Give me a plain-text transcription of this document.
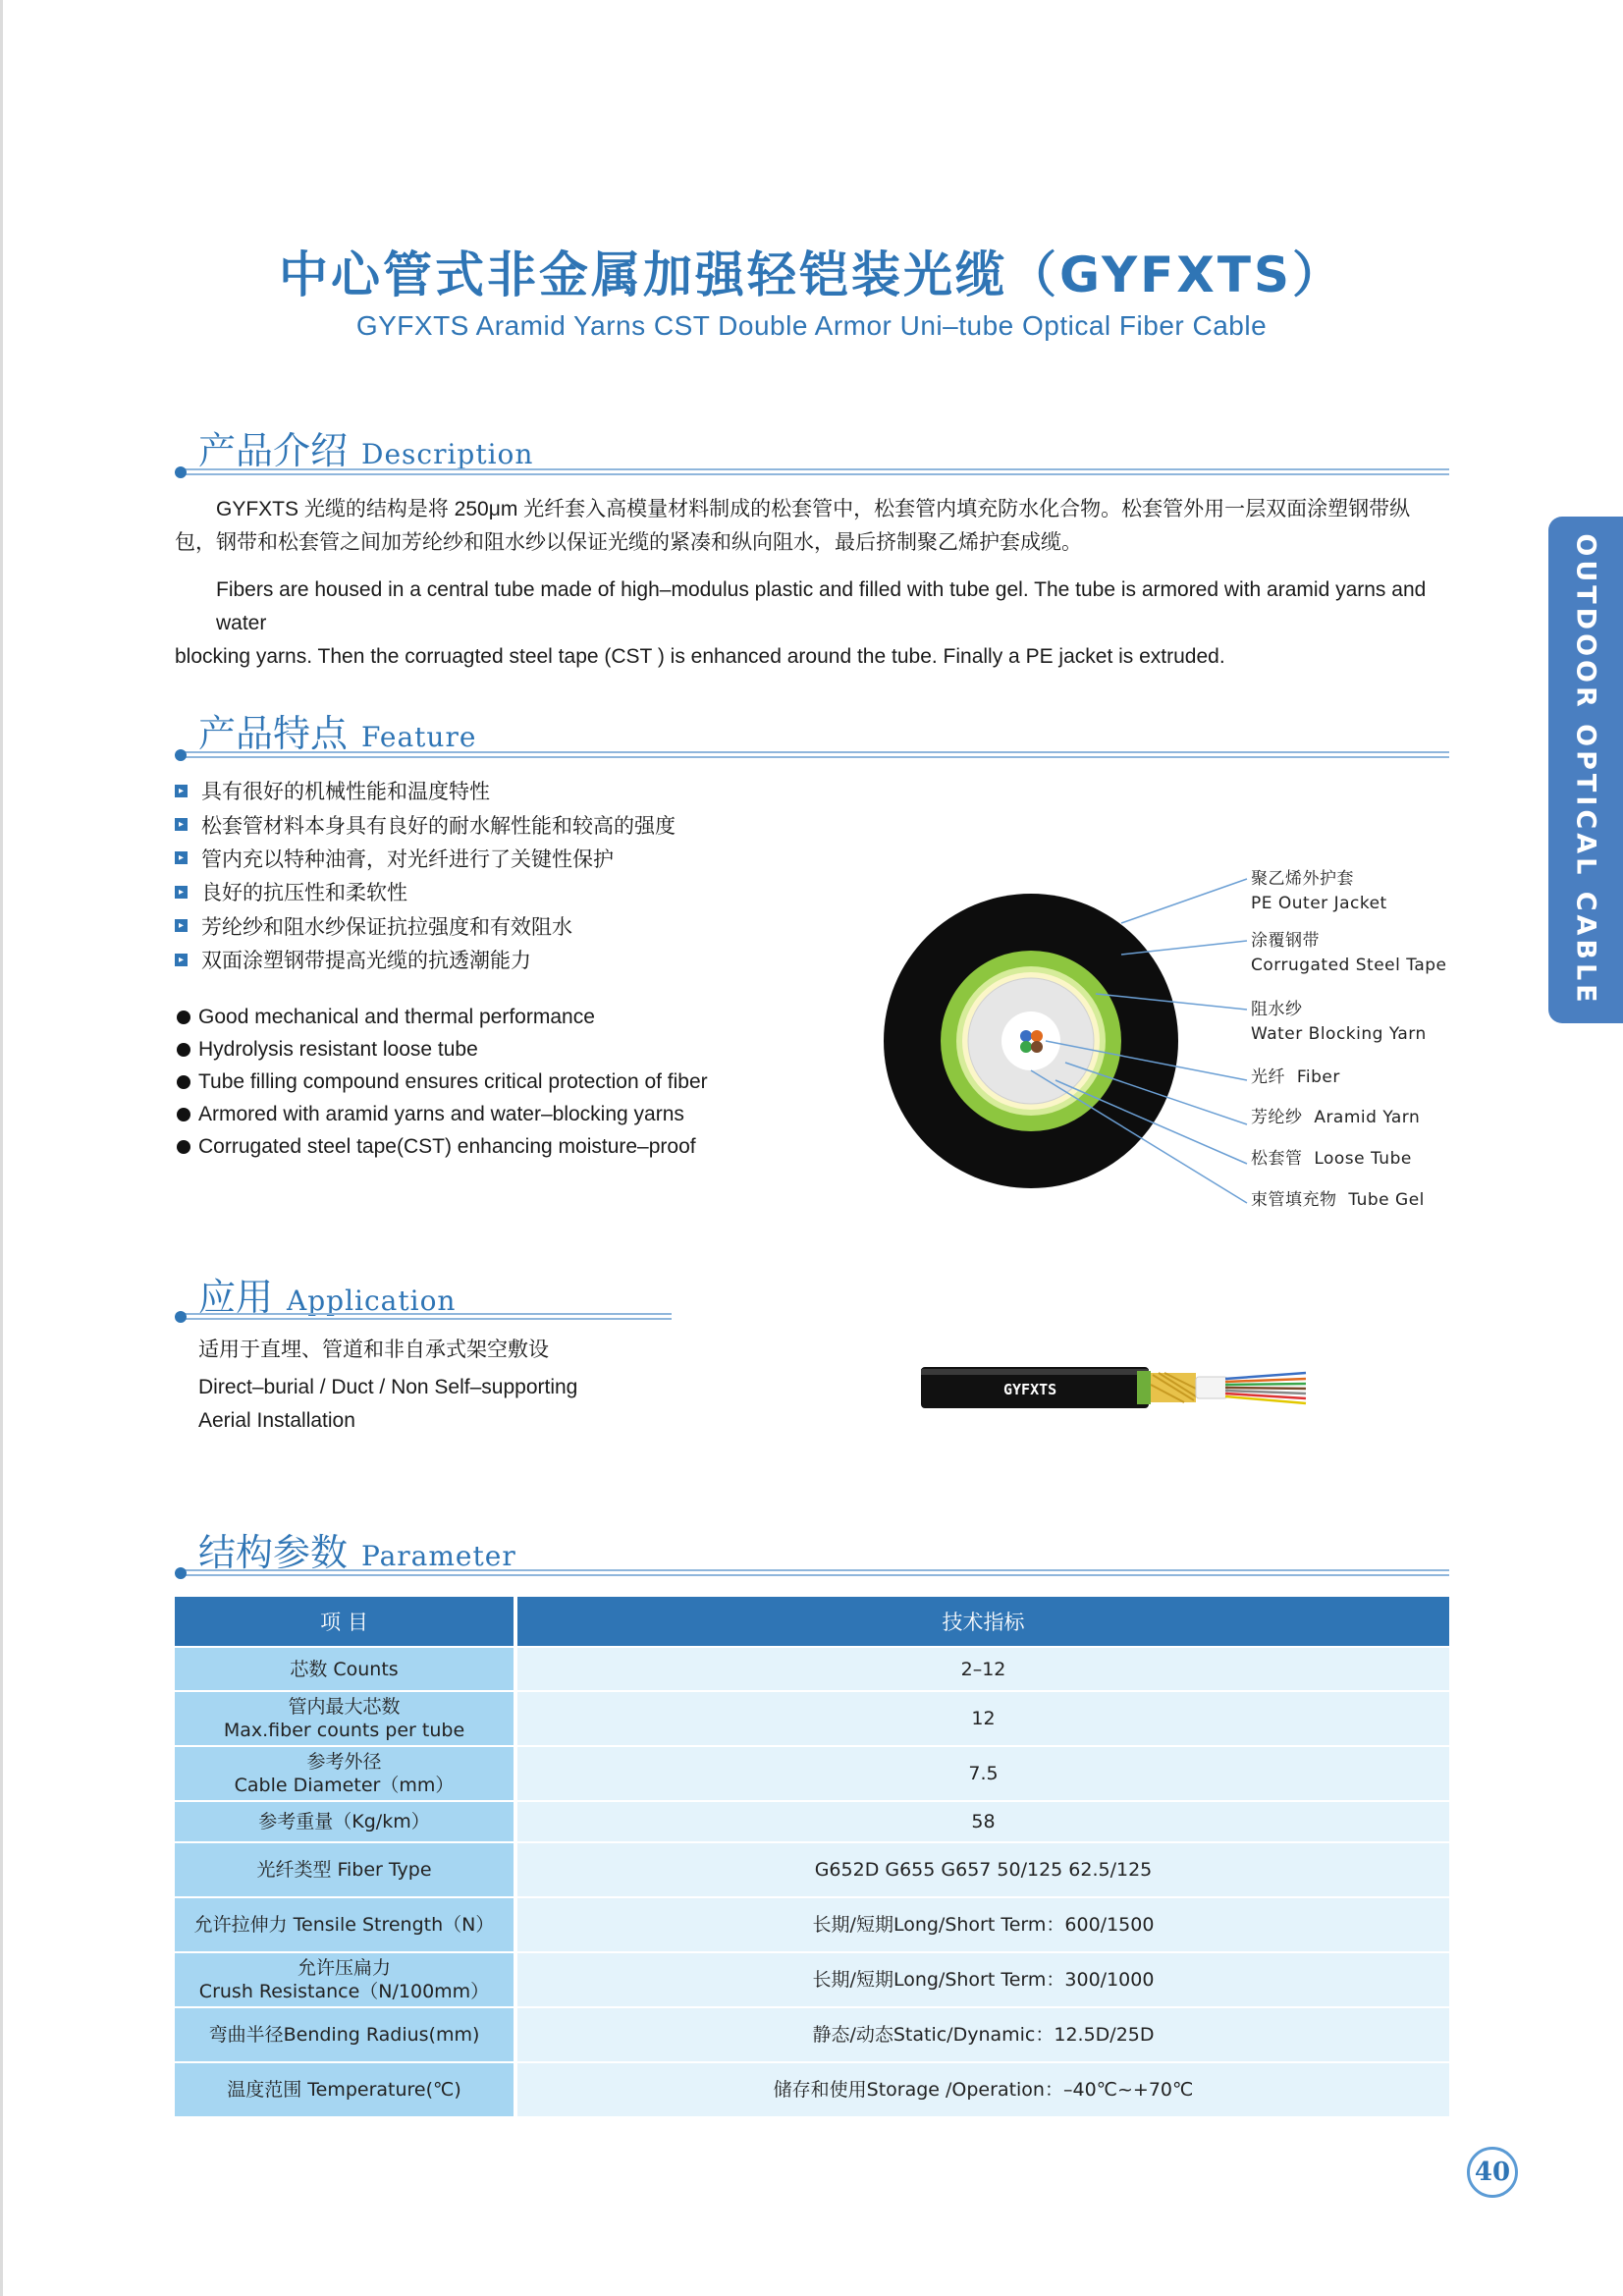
中心管式非金属加强轻铠装光缆（GYFXTS）
GYFXTS Aramid Yarns CST Double Armor Uni–tube Optical Fiber Cable
OUTDOOR OPTICAL CABLE
产品介绍 Description
GYFXTS 光缆的结构是将 250μm 光纤套入高模量材料制成的松套管中，松套管内填充防水化合物。松套管外用一层双面涂塑钢带纵
包，钢带和松套管之间加芳纶纱和阻水纱以保证光缆的紧凑和纵向阻水，最后挤制聚乙烯护套成缆。
Fibers are housed in a central tube made of high–modulus plastic and filled with tube gel. The tube is armored with aramid yarns and water
blocking yarns. Then the corruagted steel tape (CST ) is enhanced around the tube. Finally a PE jacket is extruded.
产品特点 Feature
▸ 具有很好的机械性能和温度特性
▸ 松套管材料本身具有良好的耐水解性能和较高的强度
▸ 管内充以特种油膏，对光纤进行了关键性保护
▸ 良好的抗压性和柔软性
▸ 芳纶纱和阻水纱保证抗拉强度和有效阻水
▸ 双面涂塑钢带提高光缆的抗透潮能力
Good mechanical and thermal performance
Hydrolysis resistant loose tube
Tube filling compound ensures critical protection of fiber
Armored with aramid yarns and water–blocking yarns
Corrugated steel tape(CST) enhancing moisture–proof
聚乙烯外护套
PE Outer Jacket
涂覆钢带
Corrugated Steel Tape
阻水纱
Water Blocking Yarn
光纤 Fiber
芳纶纱 Aramid Yarn
松套管 Loose Tube
束管填充物 Tube Gel
应用 Application
适用于直埋、管道和非自承式架空敷设
Direct–burial / Duct / Non Self–supporting
Aerial Installation
GYFXTS
结构参数 Parameter
项 目	技术指标

芯数 Counts	2–12

管内最大芯数
Max.fiber counts per tube	12

参考外径
Cable Diameter（mm）	7.5

参考重量（Kg/km）	58

光纤类型 Fiber Type	G652D G655 G657 50/125 62.5/125

允许拉伸力 Tensile Strength（N）	长期/短期Long/Short Term：600/1500

允许压扁力
Crush Resistance（N/100mm）	长期/短期Long/Short Term：300/1000

弯曲半径Bending Radius(mm)	静态/动态Static/Dynamic：12.5D/25D

温度范围 Temperature(℃)	储存和使用Storage /Operation：–40℃~+70℃
40
